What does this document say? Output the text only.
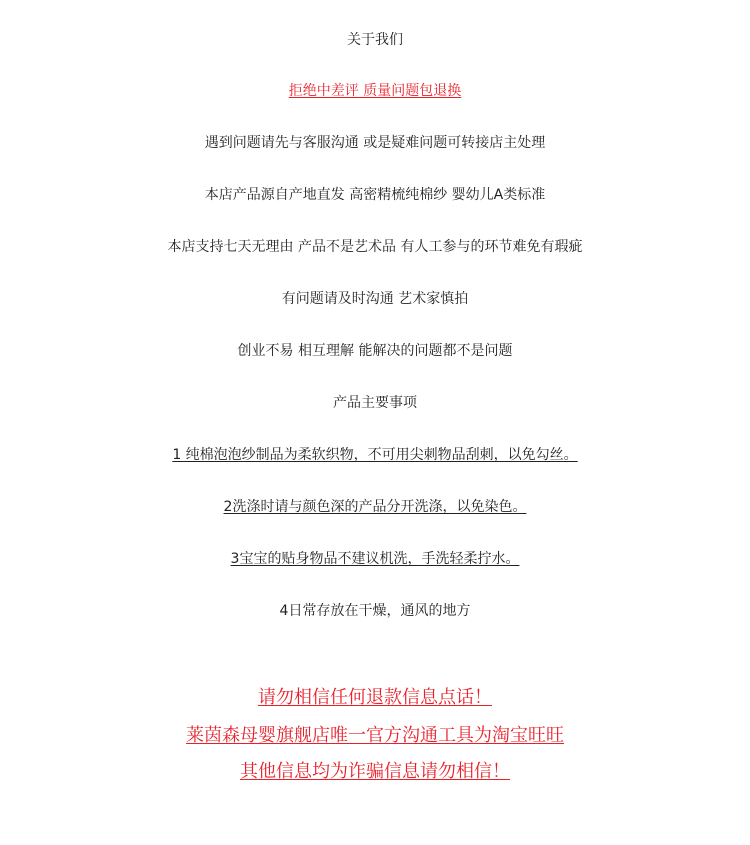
关于我们
拒绝中差评 质量问题包退换
遇到问题请先与客服沟通 或是疑难问题可转接店主处理
本店产品源自产地直发 高密精梳纯棉纱 婴幼儿A类标准
本店支持七天无理由 产品不是艺术品 有人工参与的环节难免有瑕疵
有问题请及时沟通 艺术家慎拍
创业不易 相互理解 能解决的问题都不是问题
产品主要事项
1 纯棉泡泡纱制品为柔软织物，不可用尖刺物品刮刺，以免勾丝。
2洗涤时请与颜色深的产品分开洗涤，以免染色。
3宝宝的贴身物品不建议机洗，手洗轻柔拧水。
4日常存放在干燥，通风的地方
请勿相信任何退款信息点话！
莱茵森母婴旗舰店唯一官方沟通工具为淘宝旺旺
其他信息均为诈骗信息请勿相信！
